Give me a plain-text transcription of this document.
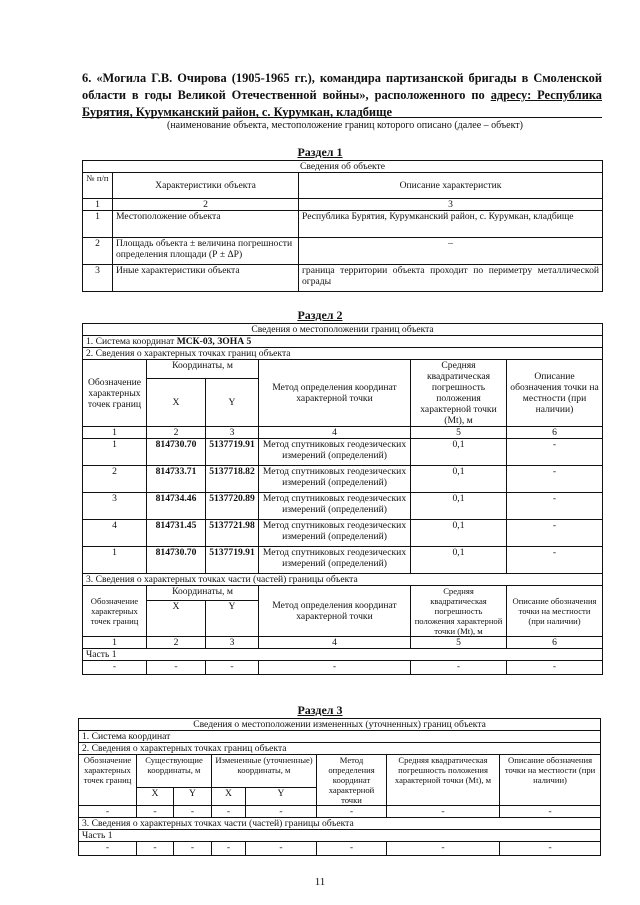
6. «Могила Г.В. Очирова (1905-1965 гг.), командира партизанской бригады в Смоленской области в годы Великой Отечественной войны», расположенного по адресу: Республика Бурятия, Курумканский район, с. Курумкан, кладбище
(наименование объекта, местоположение границ которого описано (далее – объект)
Раздел 1
Сведения об объекте		
№ п/п	Характеристики объекта	Описание характеристик
1	2	3
1	Местоположение объекта	Республика Бурятия, Курумканский район, с. Курумкан, кладбище
2	Площадь объекта ± величина погрешности определения площади (Р ± ΔР)	–
3	Иные характеристики объекта	граница территории объекта проходит по периметру металлической ограды
Раздел 2
Сведения о местоположении границ объекта					
1. Система координат МСК-03, ЗОНА 5					
2. Сведения о характерных точках границ объекта					
Обозначение характерных точек границ	Координаты, м		Метод определения координат характерной точки	Средняя квадратическая погрешность положения характерной точки (Mt), м	Описание обозначения точки на местности (при наличии)
	X	Y			
1	2	3	4	5	6
1	814730.70	5137719.91	Метод спутниковых геодезических измерений (определений)	0,1	-
2	814733.71	5137718.82	Метод спутниковых геодезических измерений (определений)	0,1	-
3	814734.46	5137720.89	Метод спутниковых геодезических измерений (определений)	0,1	-
4	814731.45	5137721.98	Метод спутниковых геодезических измерений (определений)	0,1	-
1	814730.70	5137719.91	Метод спутниковых геодезических измерений (определений)	0,1	-
3. Сведения о характерных точках части (частей) границы объекта					
Обозначение характерных точек границ	Координаты, м		Метод определения координат характерной точки	Средняя квадратическая погрешность положения характерной точки (Mt), м	Описание обозначения точки на местности (при наличии)
	X	Y			
1	2	3	4	5	6
Часть 1					
-	-	-	-	-	-
Раздел 3
Сведения о местоположении измененных (уточненных) границ объекта							
1. Система координат							
2. Сведения о характерных точках границ объекта							
Обозначение характерных точек границ	Существующие координаты, м		Измененные (уточненные) координаты, м		Метод определения координат характерной точки	Средняя квадратическая погрешность положения характерной точки (Mt), м	Описание обозначения точки на местности (при наличии)
	X	Y	X	Y			
-	-	-	-	-	-	-	-
3. Сведения о характерных точках части (частей) границы объекта							
Часть 1							
-	-	-	-	-	-	-	-
11
